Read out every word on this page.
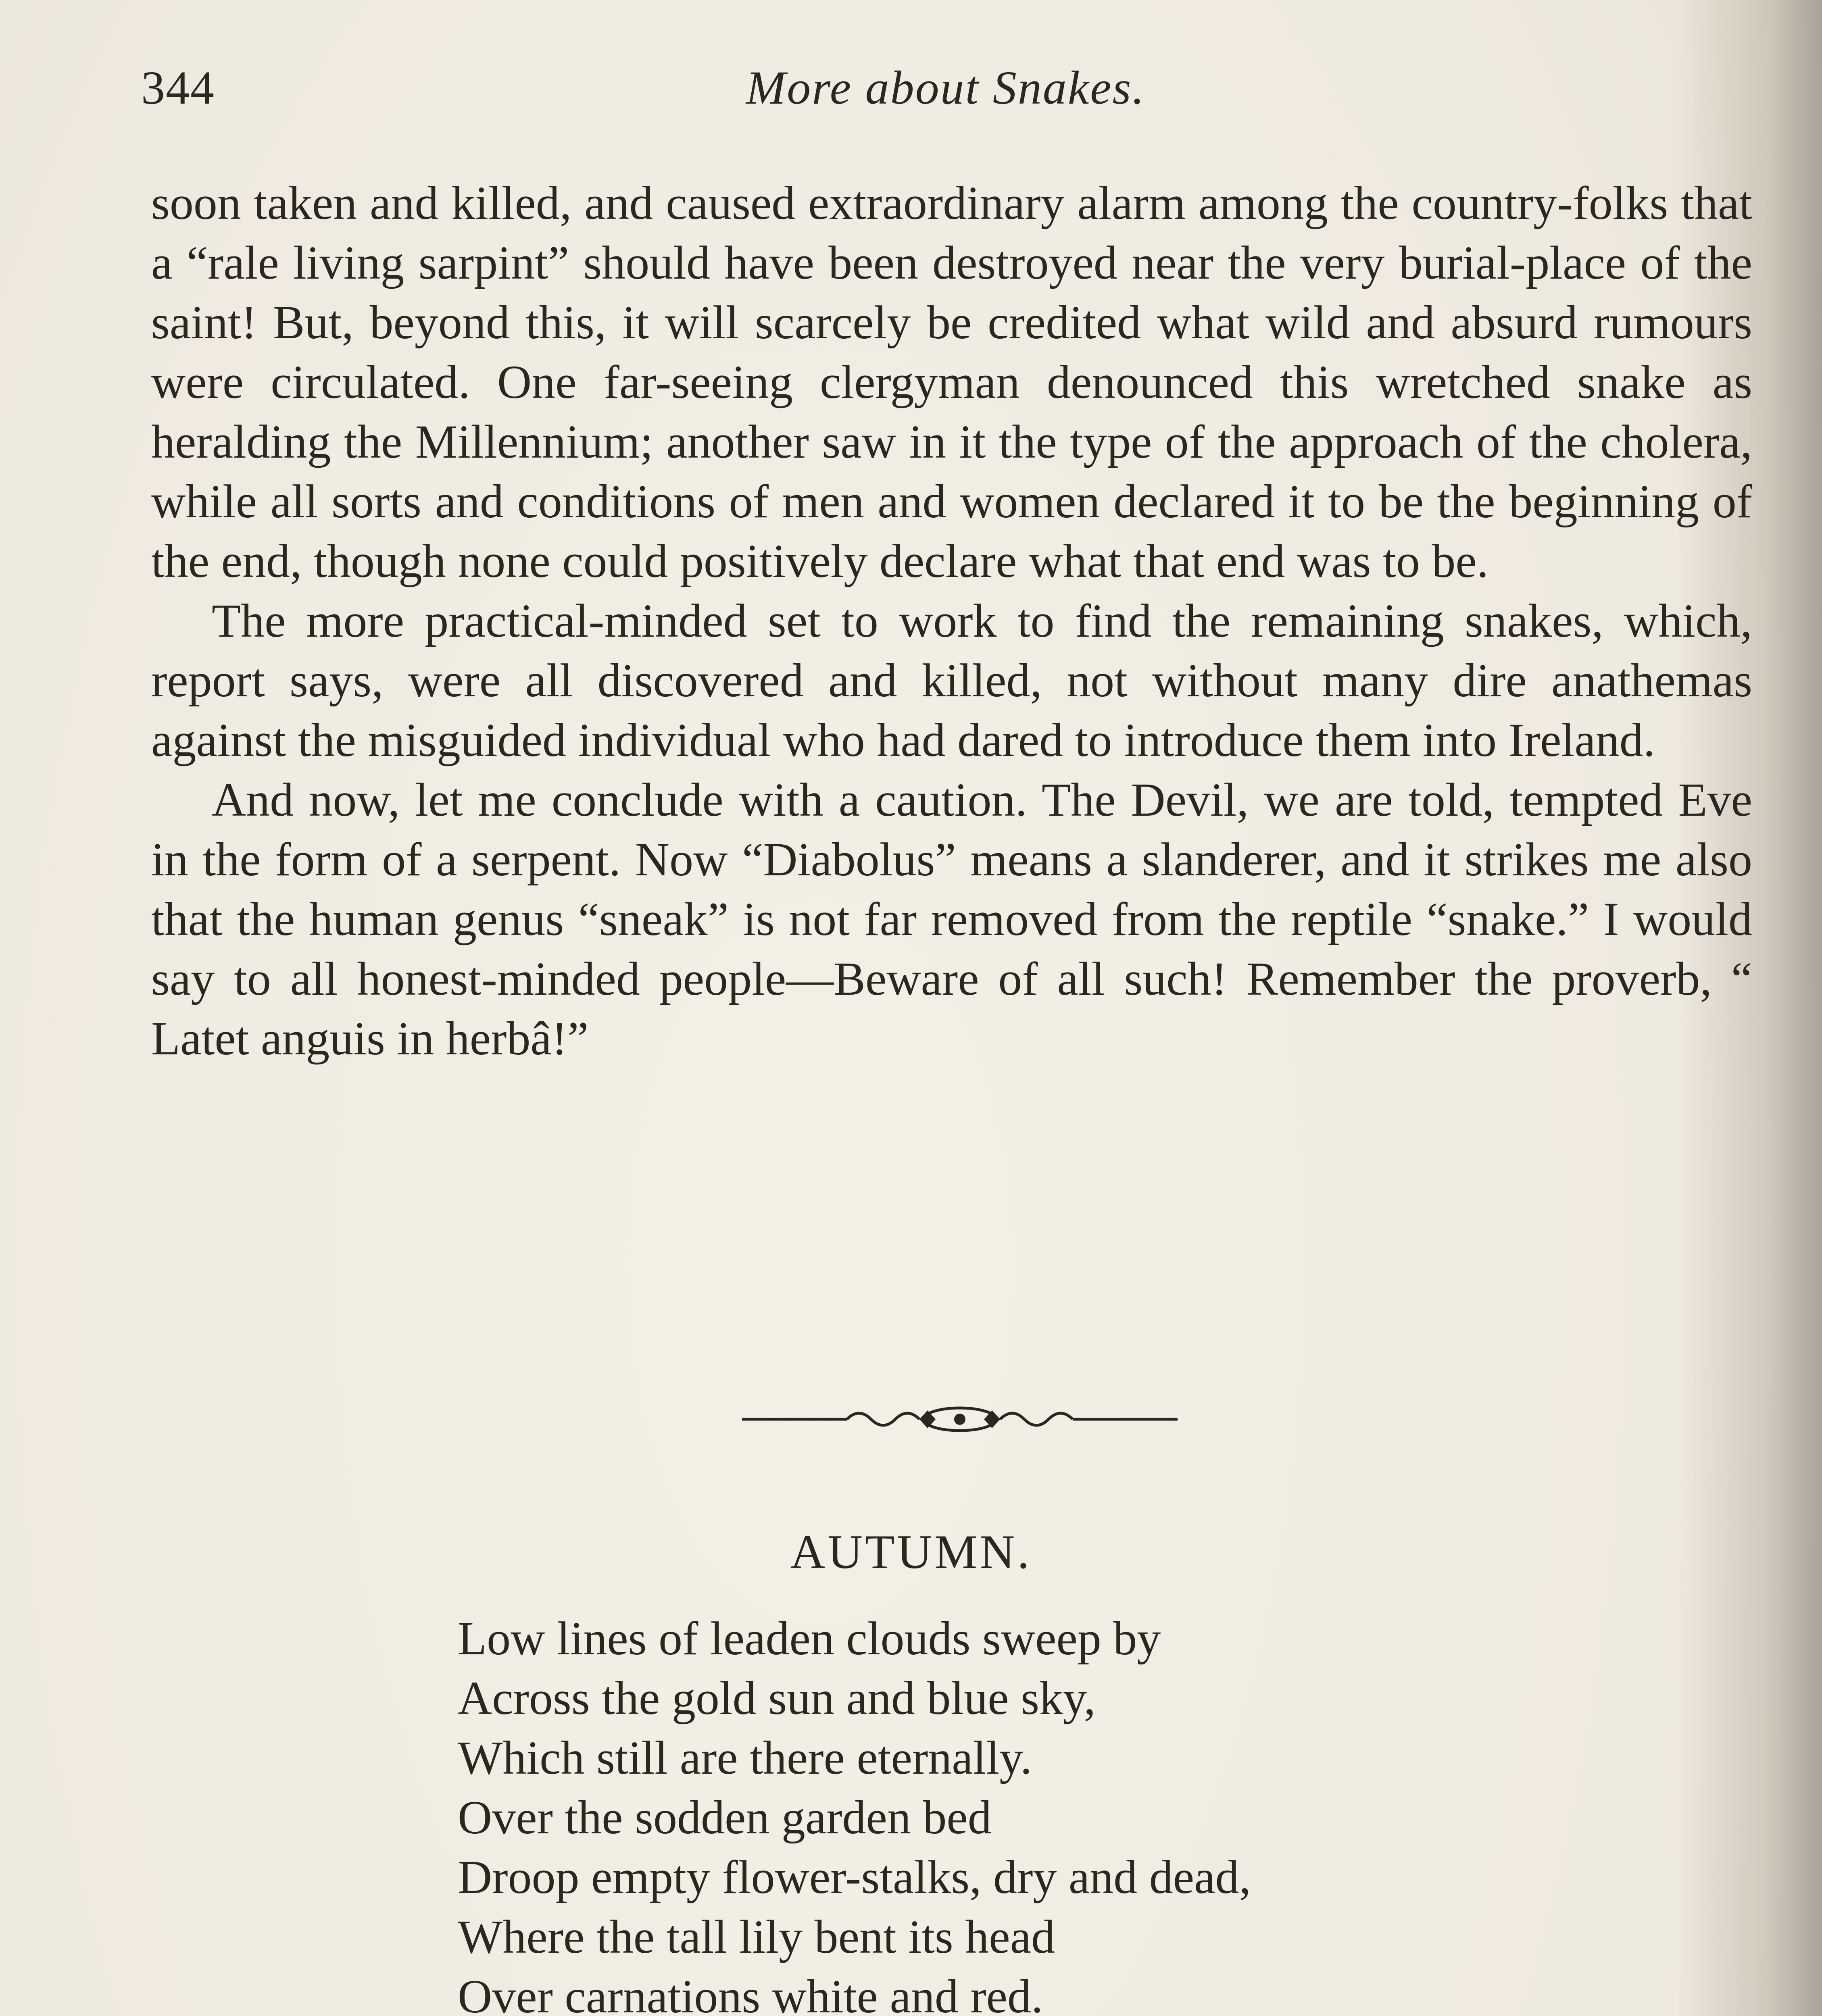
344	More about Snakes.

soon taken and killed, and caused extraordinary alarm among the country-folks that a “rale living sarpint” should have been destroyed near the very burial-place of the saint! But, beyond this, it will scarcely be credited what wild and absurd rumours were circulated. One far-seeing clergyman denounced this wretched snake as heralding the Millennium; another saw in it the type of the approach of the cholera, while all sorts and conditions of men and women declared it to be the beginning of the end, though none could positively declare what that end was to be.

The more practical-minded set to work to find the remaining snakes, which, report says, were all discovered and killed, not without many dire anathemas against the misguided individual who had dared to introduce them into Ireland.

And now, let me conclude with a caution. The Devil, we are told, tempted Eve in the form of a serpent. Now “Diabolus” means a slanderer, and it strikes me also that the human genus “sneak” is not far removed from the reptile “snake.” I would say to all honest-minded people—Beware of all such! Remember the proverb, “ Latet anguis in herbâ!”

AUTUMN.
Low lines of leaden clouds sweep by
Across the gold sun and blue sky,
Which still are there eternally.
Over the sodden garden bed
Droop empty flower-stalks, dry and dead,
Where the tall lily bent its head
Over carnations white and red.
